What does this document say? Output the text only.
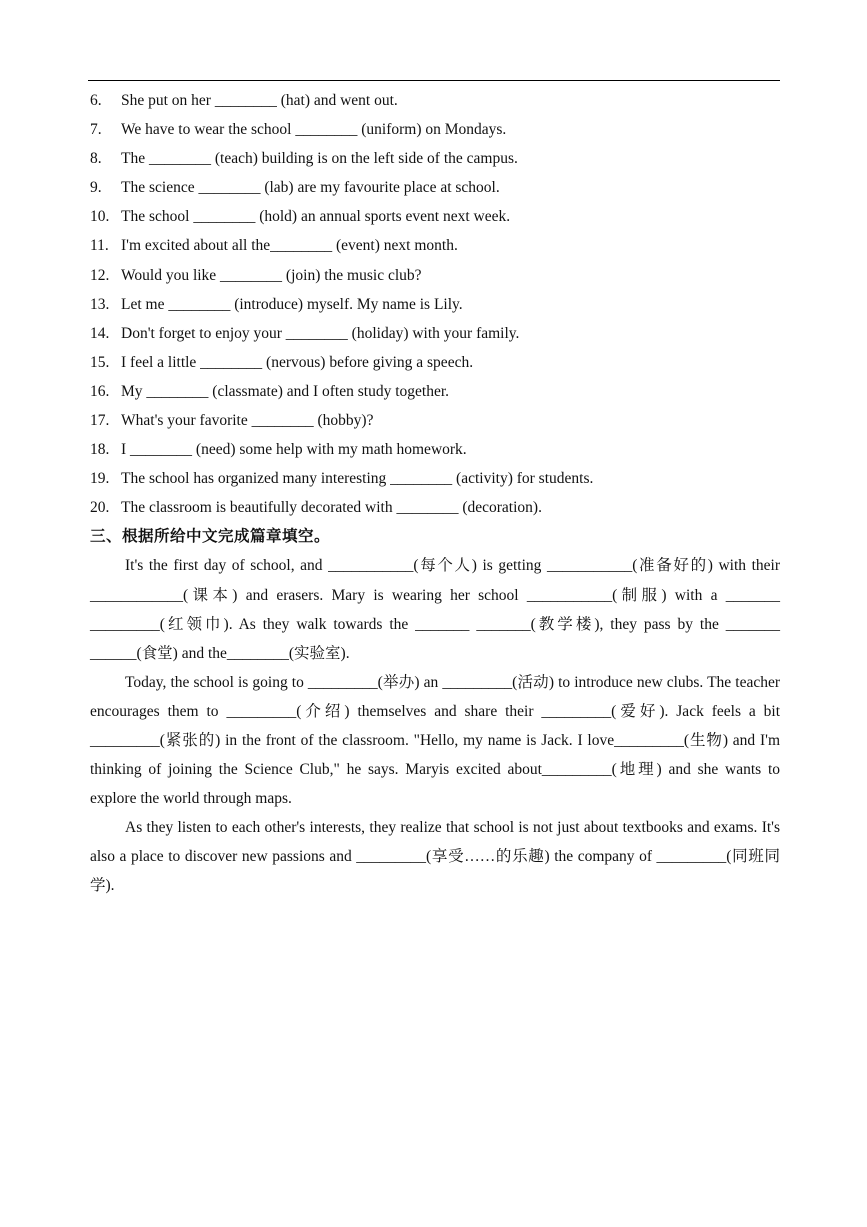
6. She put on her ________ (hat) and went out.
7. We have to wear the school ________ (uniform) on Mondays.
8. The ________ (teach) building is on the left side of the campus.
9. The science ________ (lab) are my favourite place at school.
10. The school ________ (hold) an annual sports event next week.
11. I'm excited about all the________ (event) next month.
12. Would you like ________ (join) the music club?
13. Let me ________ (introduce) myself. My name is Lily.
14. Don't forget to enjoy your ________ (holiday) with your family.
15. I feel a little ________ (nervous) before giving a speech.
16. My ________ (classmate) and I often study together.
17. What's your favorite ________ (hobby)?
18. I ________ (need) some help with my math homework.
19. The school has organized many interesting ________ (activity) for students.
20. The classroom is beautifully decorated with ________ (decoration).
三、根据所给中文完成篇章填空。

It's the first day of school, and ___________(每个人) is getting ___________(准备好的) with their ____________(课本) and erasers. Mary is wearing her school ___________(制服) with a _______ _________(红领巾). As they walk towards the _______ _______(教学楼), they pass by the _______ ______(食堂) and the________(实验室).

Today, the school is going to _________(举办) an _________(活动) to introduce new clubs. The teacher encourages them to _________(介绍) themselves and share their _________(爱好). Jack feels a bit _________(紧张的) in the front of the classroom. "Hello, my name is Jack. I love_________(生物) and I'm thinking of joining the Science Club," he says. Maryis excited about_________(地理) and she wants to explore the world through maps.

As they listen to each other's interests, they realize that school is not just about textbooks and exams. It's also a place to discover new passions and _________(享受……的乐趣) the company of _________(同班同学).
